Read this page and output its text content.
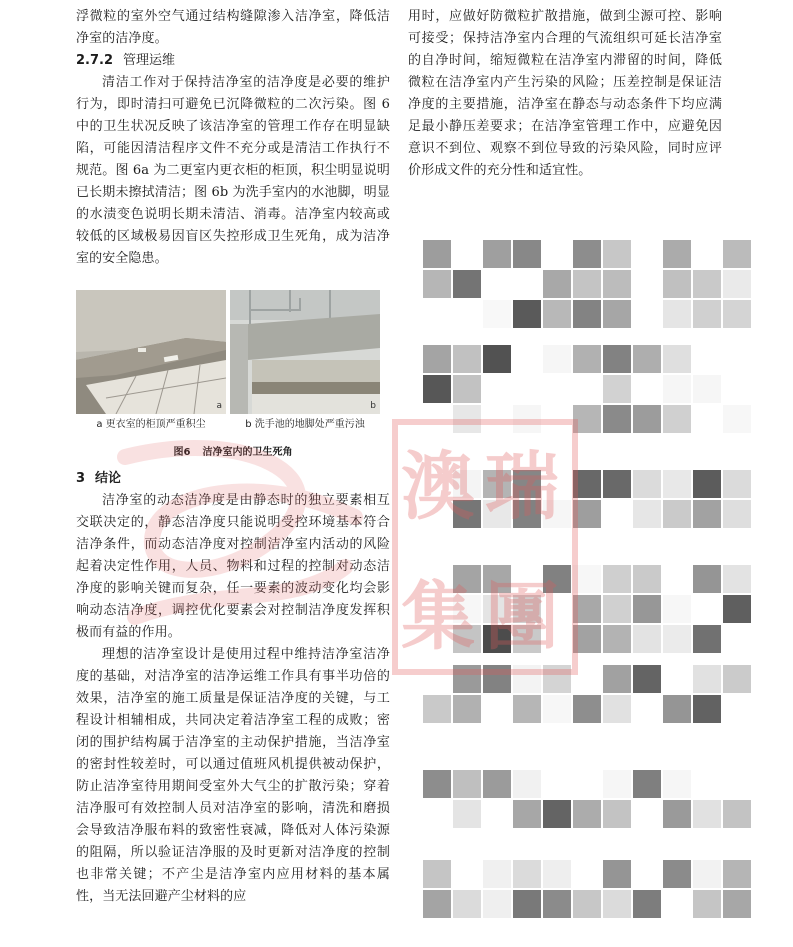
浮微粒的室外空气通过结构缝隙渗入洁净室，降低洁净室的洁净度。

2.7.2 管理运维

清洁工作对于保持洁净室的洁净度是必要的维护行为，即时清扫可避免已沉降微粒的二次污染。图 6 中的卫生状况反映了该洁净室的管理工作存在明显缺陷，可能因清洁程序文件不充分或是清洁工作执行不规范。图 6a 为二更室内更衣柜的柜顶，积尘明显说明已长期未擦拭清洁；图 6b 为洗手室内的水池脚，明显的水渍变色说明长期未清洁、消毒。洁净室内较高或较低的区域极易因盲区失控形成卫生死角，成为洁净室的安全隐患。

a	b
a 更衣室的柜顶严重积尘	b 洗手池的地脚处严重污浊
图6 洁净室内的卫生死角
3 结论

洁净室的动态洁净度是由静态时的独立要素相互交联决定的，静态洁净度只能说明受控环境基本符合洁净条件，而动态洁净度对控制洁净室内活动的风险起着决定性作用，人员、物料和过程的控制对动态洁净度的影响关键而复杂，任一要素的波动变化均会影响动态洁净度，调控优化要素会对控制洁净度发挥积极而有益的作用。

理想的洁净室设计是使用过程中维持洁净室洁净度的基础，对洁净室的洁净运维工作具有事半功倍的效果，洁净室的施工质量是保证洁净度的关键，与工程设计相辅相成，共同决定着洁净室工程的成败；密闭的围护结构属于洁净室的主动保护措施，当洁净室的密封性较差时，可以通过值班风机提供被动保护，防止洁净室待用期间受室外大气尘的扩散污染；穿着洁净服可有效控制人员对洁净室的影响，清洗和磨损会导致洁净服布料的致密性衰减，降低对人体污染源的阻隔，所以验证洁净服的及时更新对洁净度的控制也非常关键；不产尘是洁净室内应用材料的基本属性，当无法回避产尘材料的应

用时，应做好防微粒扩散措施，做到尘源可控、影响可接受；保持洁净室内合理的气流组织可延长洁净室的自净时间，缩短微粒在洁净室内滞留的时间，降低微粒在洁净室内产生污染的风险；压差控制是保证洁净度的主要措施，洁净室在静态与动态条件下均应满足最小静压差要求；在洁净室管理工作中，应避免因意识不到位、观察不到位导致的污染风险，同时应评价形成文件的充分性和适宜性。

澳 瑞
集 團
